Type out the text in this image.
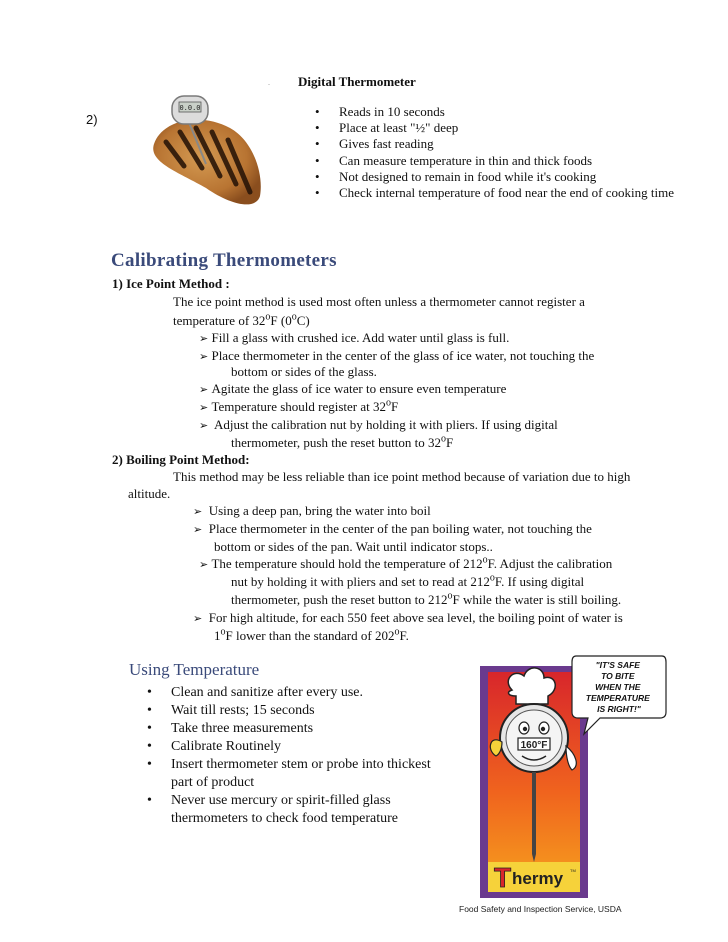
. Digital Thermometer
2)
0.0.0
•	Reads in 10 seconds
• Place at least "½" deep
• Gives fast reading
• Can measure temperature in thin and thick foods
• Not designed to remain in food while it's cooking
• Check internal temperature of food near the end of cooking time
Calibrating Thermometers
1) Ice Point Method :
The ice point method is used most often unless a thermometer cannot register a
temperature of 32$^o$F (0$^o$C)
➢ Fill a glass with crushed ice. Add water until glass is full.
➢ Place thermometer in the center of the glass of ice water, not touching the
bottom or sides of the glass.
➢ Agitate the glass of ice water to ensure even temperature
➢ Temperature should register at 32$^o$F
➢ Adjust the calibration nut by holding it with pliers. If using digital
thermometer, push the reset button to 32$^o$F
2) Boiling Point Method:
This method may be less reliable than ice point method because of variation due to high
altitude.
➢ Using a deep pan, bring the water into boil
➢ Place thermometer in the center of the pan boiling water, not touching the
bottom or sides of the pan. Wait until indicator stops..
➢ The temperature should hold the temperature of 212$^o$F. Adjust the calibration
nut by holding it with pliers and set to read at 212$^o$F. If using digital
thermometer, push the reset button to 212$^o$F while the water is still boiling.
➢ For high altitude, for each 550 feet above sea level, the boiling point of water is
1$^o$F lower than the standard of 202$^o$F.
Using Temperature
• Clean and sanitize after every use.
• Wait till rests; 15 seconds
• Take three measurements
• Calibrate Routinely
• Insert thermometer stem or probe into thickest part of product
• Never use mercury or spirit-filled glass thermometers to check food temperature
160°F
T hermy TM
"IT'S SAFE TO BITE WHEN THE TEMPERATURE IS RIGHT!"
Food Safety and Inspection Service, USDA
